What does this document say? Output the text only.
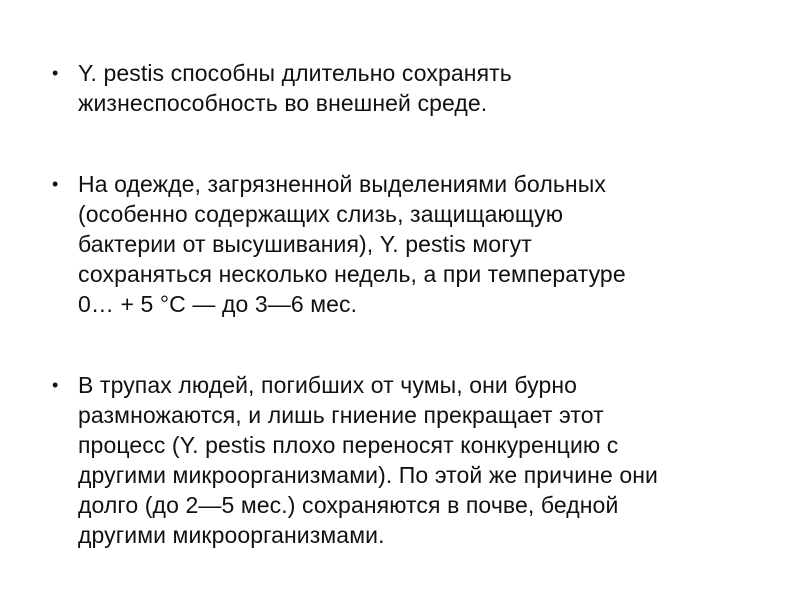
• Y. pestis способны длительно сохранять
жизнеспособность во внешней среде.
• На одежде, загрязненной выделениями больных
(особенно содержащих слизь, защищающую
бактерии от высушивания), Y. pestis могут
сохраняться несколько недель, а при температуре
0… + 5 °С — до 3—6 мес.
• В трупах людей, погибших от чумы, они бурно
размножаются, и лишь гниение прекращает этот
процесс (Y. pestis плохо переносят конкуренцию с
другими микроорганизмами). По этой же причине они
долго (до 2—5 мес.) сохраняются в почве, бедной
другими микроорганизмами.
